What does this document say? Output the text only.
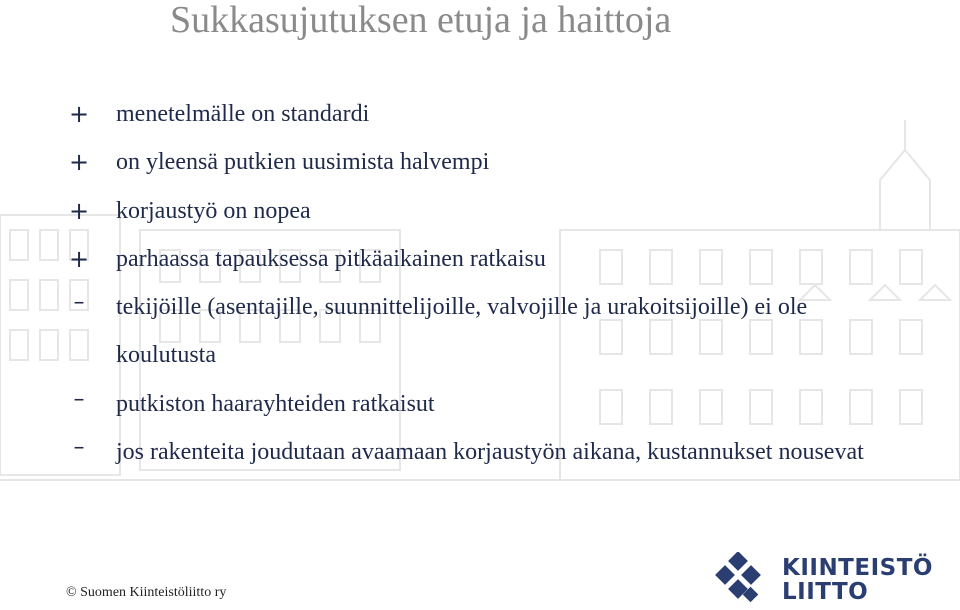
Sukkasujutuksen etuja ja haittoja
+ menetelmälle on standardi
+ on yleensä putkien uusimista halvempi
+ korjaustyö on nopea
+ parhaassa tapauksessa pitkäaikainen ratkaisu
–	tekijöille (asentajille, suunnittelijoille, valvojille ja urakoitsijoille) ei ole koulutusta
–	putkiston haarayhteiden ratkaisut
–	jos rakenteita joudutaan avaamaan korjaustyön aikana, kustannukset nousevat
© Suomen Kiinteistöliitto ry
KIINTEISTÖ
LIITTO
